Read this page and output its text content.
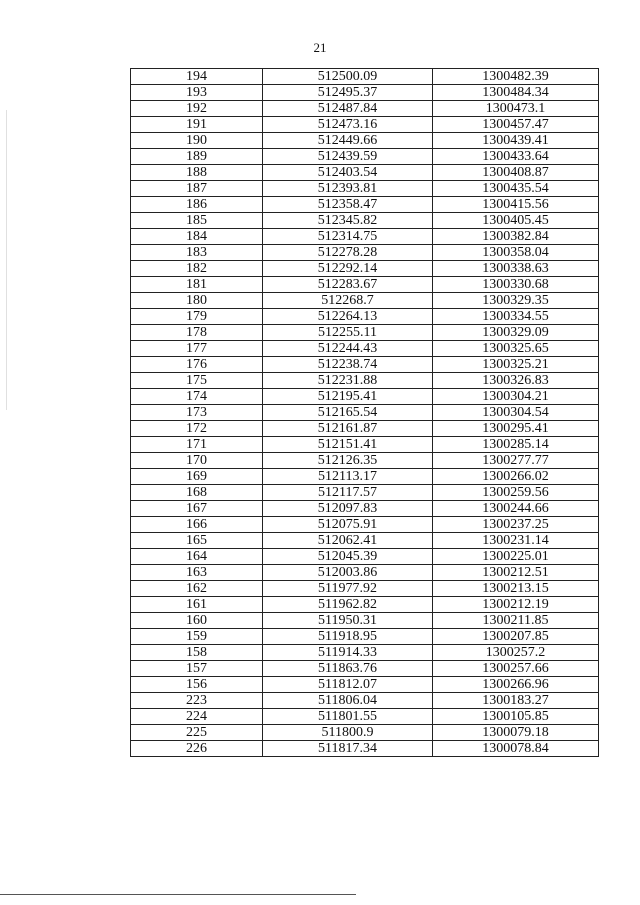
21
194	512500.09	1300482.39
193	512495.37	1300484.34
192	512487.84	1300473.1
191	512473.16	1300457.47
190	512449.66	1300439.41
189	512439.59	1300433.64
188	512403.54	1300408.87
187	512393.81	1300435.54
186	512358.47	1300415.56
185	512345.82	1300405.45
184	512314.75	1300382.84
183	512278.28	1300358.04
182	512292.14	1300338.63
181	512283.67	1300330.68
180	512268.7	1300329.35
179	512264.13	1300334.55
178	512255.11	1300329.09
177	512244.43	1300325.65
176	512238.74	1300325.21
175	512231.88	1300326.83
174	512195.41	1300304.21
173	512165.54	1300304.54
172	512161.87	1300295.41
171	512151.41	1300285.14
170	512126.35	1300277.77
169	512113.17	1300266.02
168	512117.57	1300259.56
167	512097.83	1300244.66
166	512075.91	1300237.25
165	512062.41	1300231.14
164	512045.39	1300225.01
163	512003.86	1300212.51
162	511977.92	1300213.15
161	511962.82	1300212.19
160	511950.31	1300211.85
159	511918.95	1300207.85
158	511914.33	1300257.2
157	511863.76	1300257.66
156	511812.07	1300266.96
223	511806.04	1300183.27
224	511801.55	1300105.85
225	511800.9	1300079.18
226	511817.34	1300078.84
